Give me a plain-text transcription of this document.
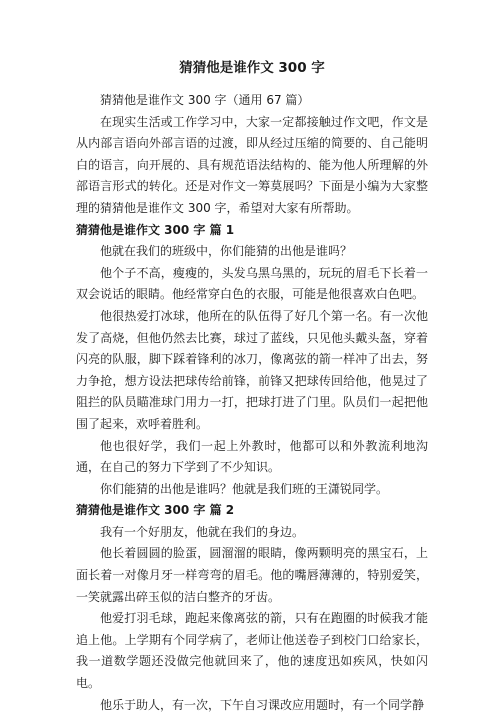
猜猜他是谁作文 300 字

猜猜他是谁作文 300 字（通用 67 篇）

在现实生活或工作学习中，大家一定都接触过作文吧，作文是从内部言语向外部言语的过渡，即从经过压缩的简要的、自己能明白的语言，向开展的、具有规范语法结构的、能为他人所理解的外部语言形式的转化。还是对作文一筹莫展吗？下面是小编为大家整理的猜猜他是谁作文 300 字，希望对大家有所帮助。

猜猜他是谁作文 300 字 篇 1

他就在我们的班级中，你们能猜的出他是谁吗？

他个子不高，瘦瘦的，头发乌黑乌黑的，玩玩的眉毛下长着一双会说话的眼睛。他经常穿白色的衣服，可能是他很喜欢白色吧。

他很热爱打冰球，他所在的队伍得了好几个第一名。有一次他发了高烧，但他仍然去比赛，球过了蓝线，只见他头戴头盔，穿着闪亮的队服，脚下踩着锋利的冰刀，像离弦的箭一样冲了出去，努力争抢，想方设法把球传给前锋，前锋又把球传回给他，他晃过了阻拦的队员瞄准球门用力一打，把球打进了门里。队员们一起把他围了起来，欢呼着胜利。

他也很好学，我们一起上外教时，他都可以和外教流利地沟通，在自己的努力下学到了不少知识。

你们能猜的出他是谁吗？他就是我们班的王潇锐同学。

猜猜他是谁作文 300 字 篇 2

我有一个好朋友，他就在我们的身边。

他长着圆圆的脸蛋，圆溜溜的眼睛，像两颗明亮的黑宝石，上面长着一对像月牙一样弯弯的眉毛。他的嘴唇薄薄的，特别爱笑，一笑就露出碎玉似的洁白整齐的牙齿。

他爱打羽毛球，跑起来像离弦的箭，只有在跑圈的时候我才能追上他。上学期有个同学病了，老师让他送卷子到校门口给家长，我一道数学题还没做完他就回来了，他的速度迅如疾风，快如闪电。

他乐于助人，有一次，下午自习课改应用题时，有一个同学静
